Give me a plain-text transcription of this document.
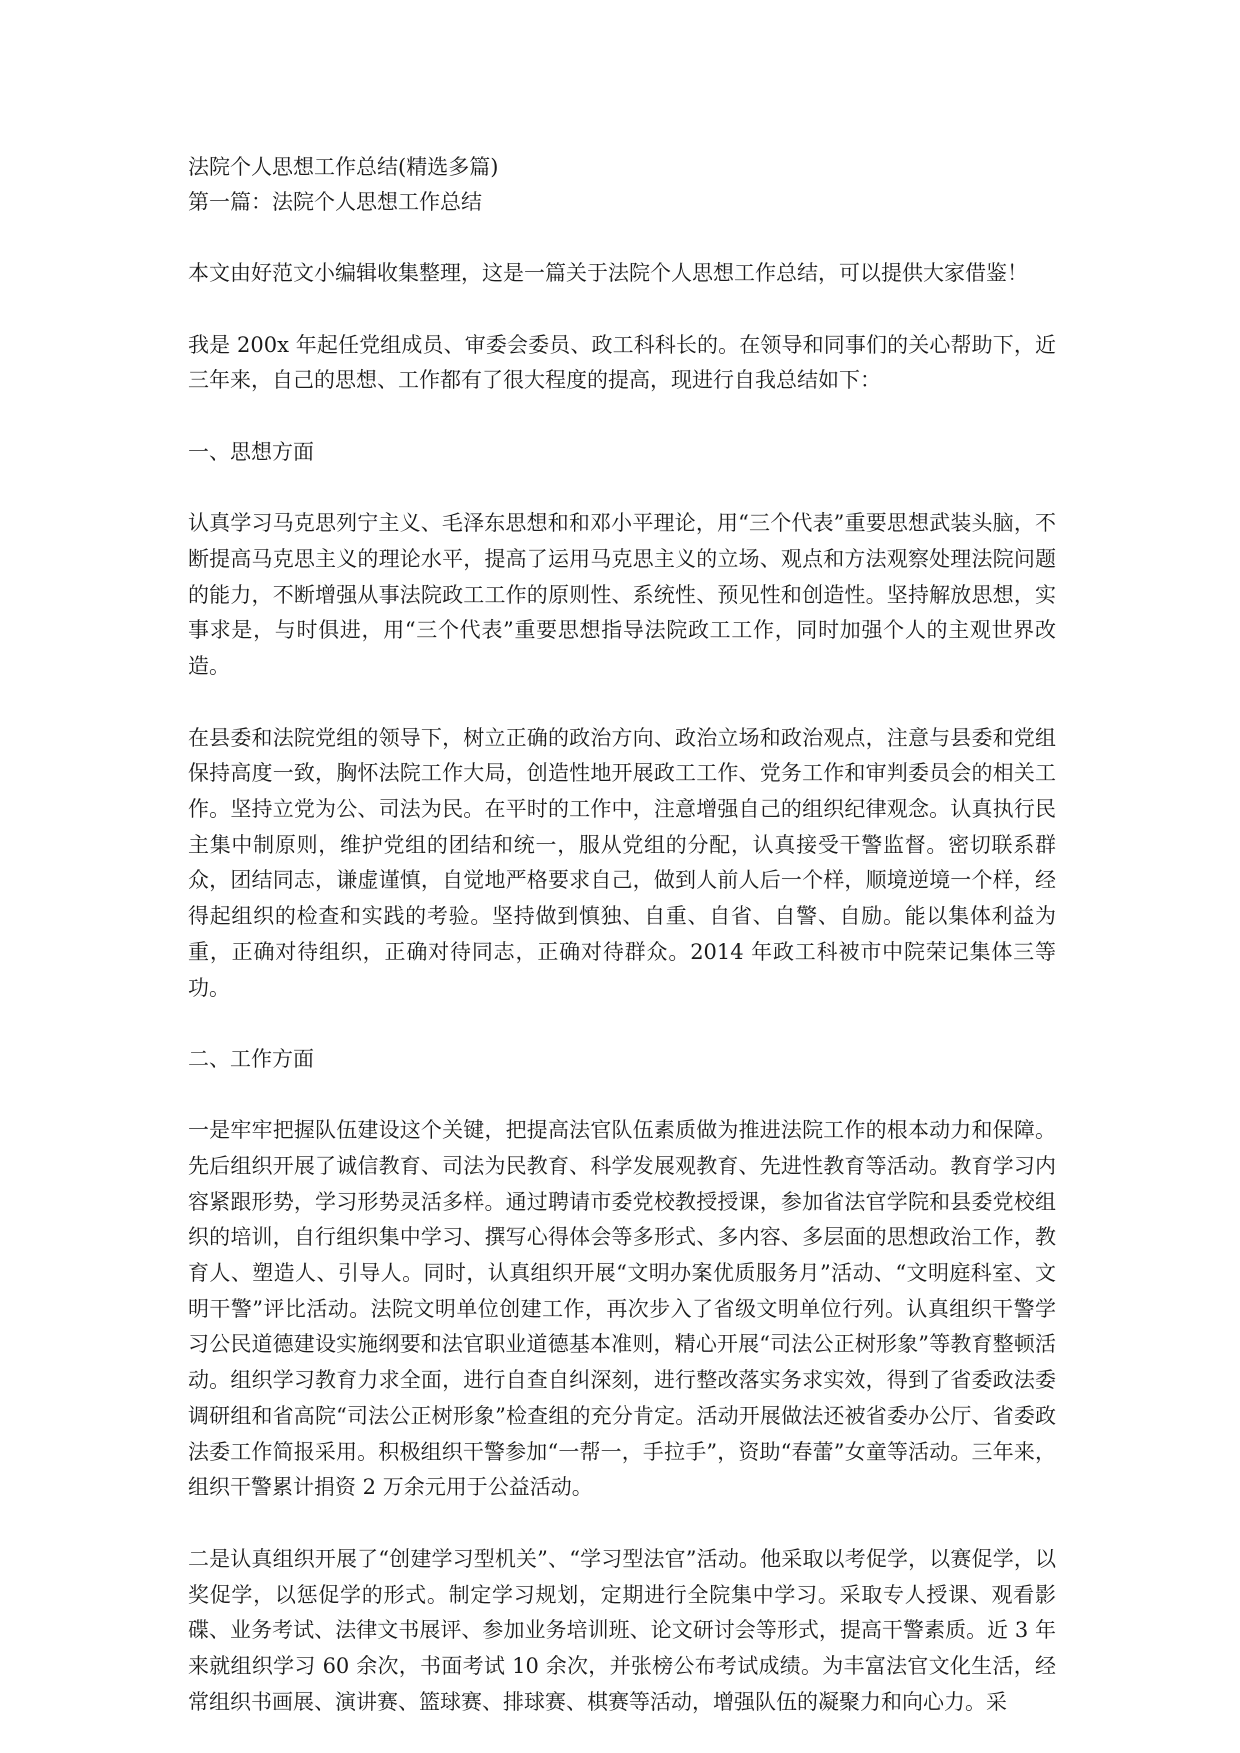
法院个人思想工作总结(精选多篇)
第一篇：法院个人思想工作总结

本文由好范文小编辑收集整理，这是一篇关于法院个人思想工作总结，可以提供大家借鉴！

我是 200x 年起任党组成员、审委会委员、政工科科长的。在领导和同事们的关心帮助下，近三年来，自己的思想、工作都有了很大程度的提高，现进行自我总结如下：

一、思想方面

认真学习马克思列宁主义、毛泽东思想和和邓小平理论，用“三个代表”重要思想武装头脑，不断提高马克思主义的理论水平，提高了运用马克思主义的立场、观点和方法观察处理法院问题的能力，不断增强从事法院政工工作的原则性、系统性、预见性和创造性。坚持解放思想，实事求是，与时俱进，用“三个代表”重要思想指导法院政工工作，同时加强个人的主观世界改造。

在县委和法院党组的领导下，树立正确的政治方向、政治立场和政治观点，注意与县委和党组保持高度一致，胸怀法院工作大局，创造性地开展政工工作、党务工作和审判委员会的相关工作。坚持立党为公、司法为民。在平时的工作中，注意增强自己的组织纪律观念。认真执行民主集中制原则，维护党组的团结和统一，服从党组的分配，认真接受干警监督。密切联系群众，团结同志，谦虚谨慎，自觉地严格要求自己，做到人前人后一个样，顺境逆境一个样，经得起组织的检查和实践的考验。坚持做到慎独、自重、自省、自警、自励。能以集体利益为重，正确对待组织，正确对待同志，正确对待群众。2014 年政工科被市中院荣记集体三等功。

二、工作方面

一是牢牢把握队伍建设这个关键，把提高法官队伍素质做为推进法院工作的根本动力和保障。先后组织开展了诚信教育、司法为民教育、科学发展观教育、先进性教育等活动。教育学习内容紧跟形势，学习形势灵活多样。通过聘请市委党校教授授课，参加省法官学院和县委党校组织的培训，自行组织集中学习、撰写心得体会等多形式、多内容、多层面的思想政治工作，教育人、塑造人、引导人。同时，认真组织开展“文明办案优质服务月”活动、“文明庭科室、文明干警”评比活动。法院文明单位创建工作，再次步入了省级文明单位行列。认真组织干警学习公民道德建设实施纲要和法官职业道德基本准则，精心开展“司法公正树形象”等教育整顿活动。组织学习教育力求全面，进行自查自纠深刻，进行整改落实务求实效，得到了省委政法委调研组和省高院“司法公正树形象”检查组的充分肯定。活动开展做法还被省委办公厅、省委政法委工作简报采用。积极组织干警参加“一帮一，手拉手”，资助“春蕾”女童等活动。三年来，组织干警累计捐资 2 万余元用于公益活动。

二是认真组织开展了“创建学习型机关”、“学习型法官”活动。他采取以考促学，以赛促学，以奖促学，以惩促学的形式。制定学习规划，定期进行全院集中学习。采取专人授课、观看影碟、业务考试、法律文书展评、参加业务培训班、论文研讨会等形式，提高干警素质。近 3 年来就组织学习 60 余次，书面考试 10 余次，并张榜公布考试成绩。为丰富法官文化生活，经常组织书画展、演讲赛、篮球赛、排球赛、棋赛等活动，增强队伍的凝聚力和向心力。采
